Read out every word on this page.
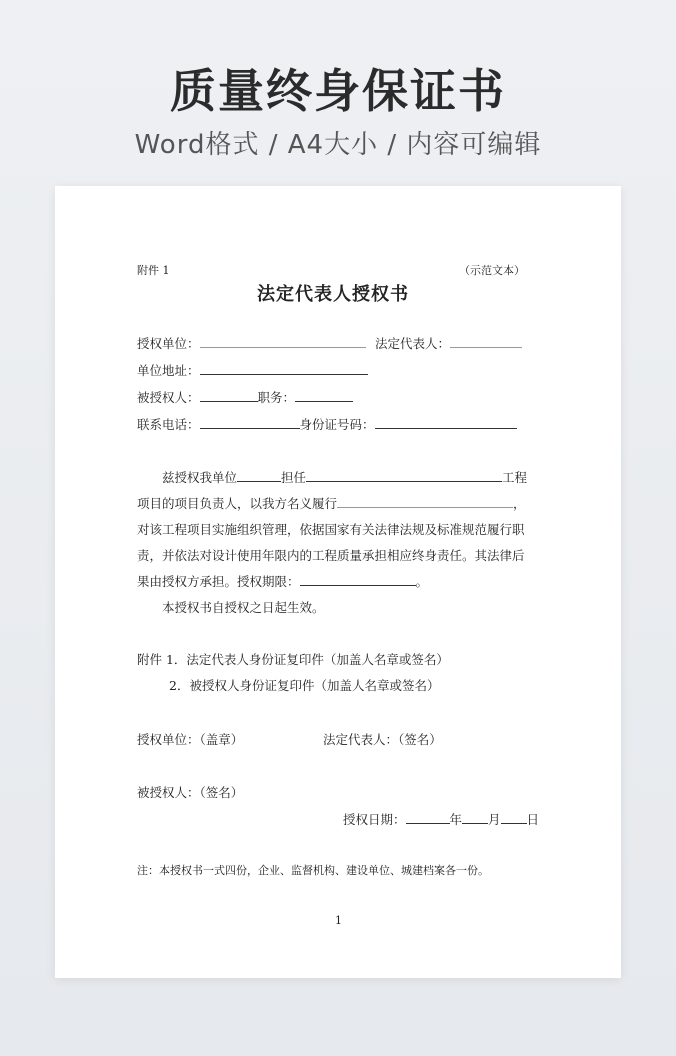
质量终身保证书
Word格式 / A4大小 / 内容可编辑
附件 1	（示范文本）
法定代表人授权书
授权单位：	法定代表人：
单位地址：
被授权人：	职务：
联系电话：	身份证号码：
兹授权我单位	担任	工程
项目的项目负责人，以我方名义履行	，
对该工程项目实施组织管理，依据国家有关法律法规及标准规范履行职
责，并依法对设计使用年限内的工程质量承担相应终身责任。其法律后
果由授权方承担。授权期限：	。
本授权书自授权之日起生效。
附件 1．法定代表人身份证复印件（加盖人名章或签名）
2．被授权人身份证复印件（加盖人名章或签名）
授权单位：（盖章）	法定代表人：（签名）
被授权人：（签名）
授权日期：	年 月 日
注：本授权书一式四份，企业、监督机构、建设单位、城建档案各一份。
1
